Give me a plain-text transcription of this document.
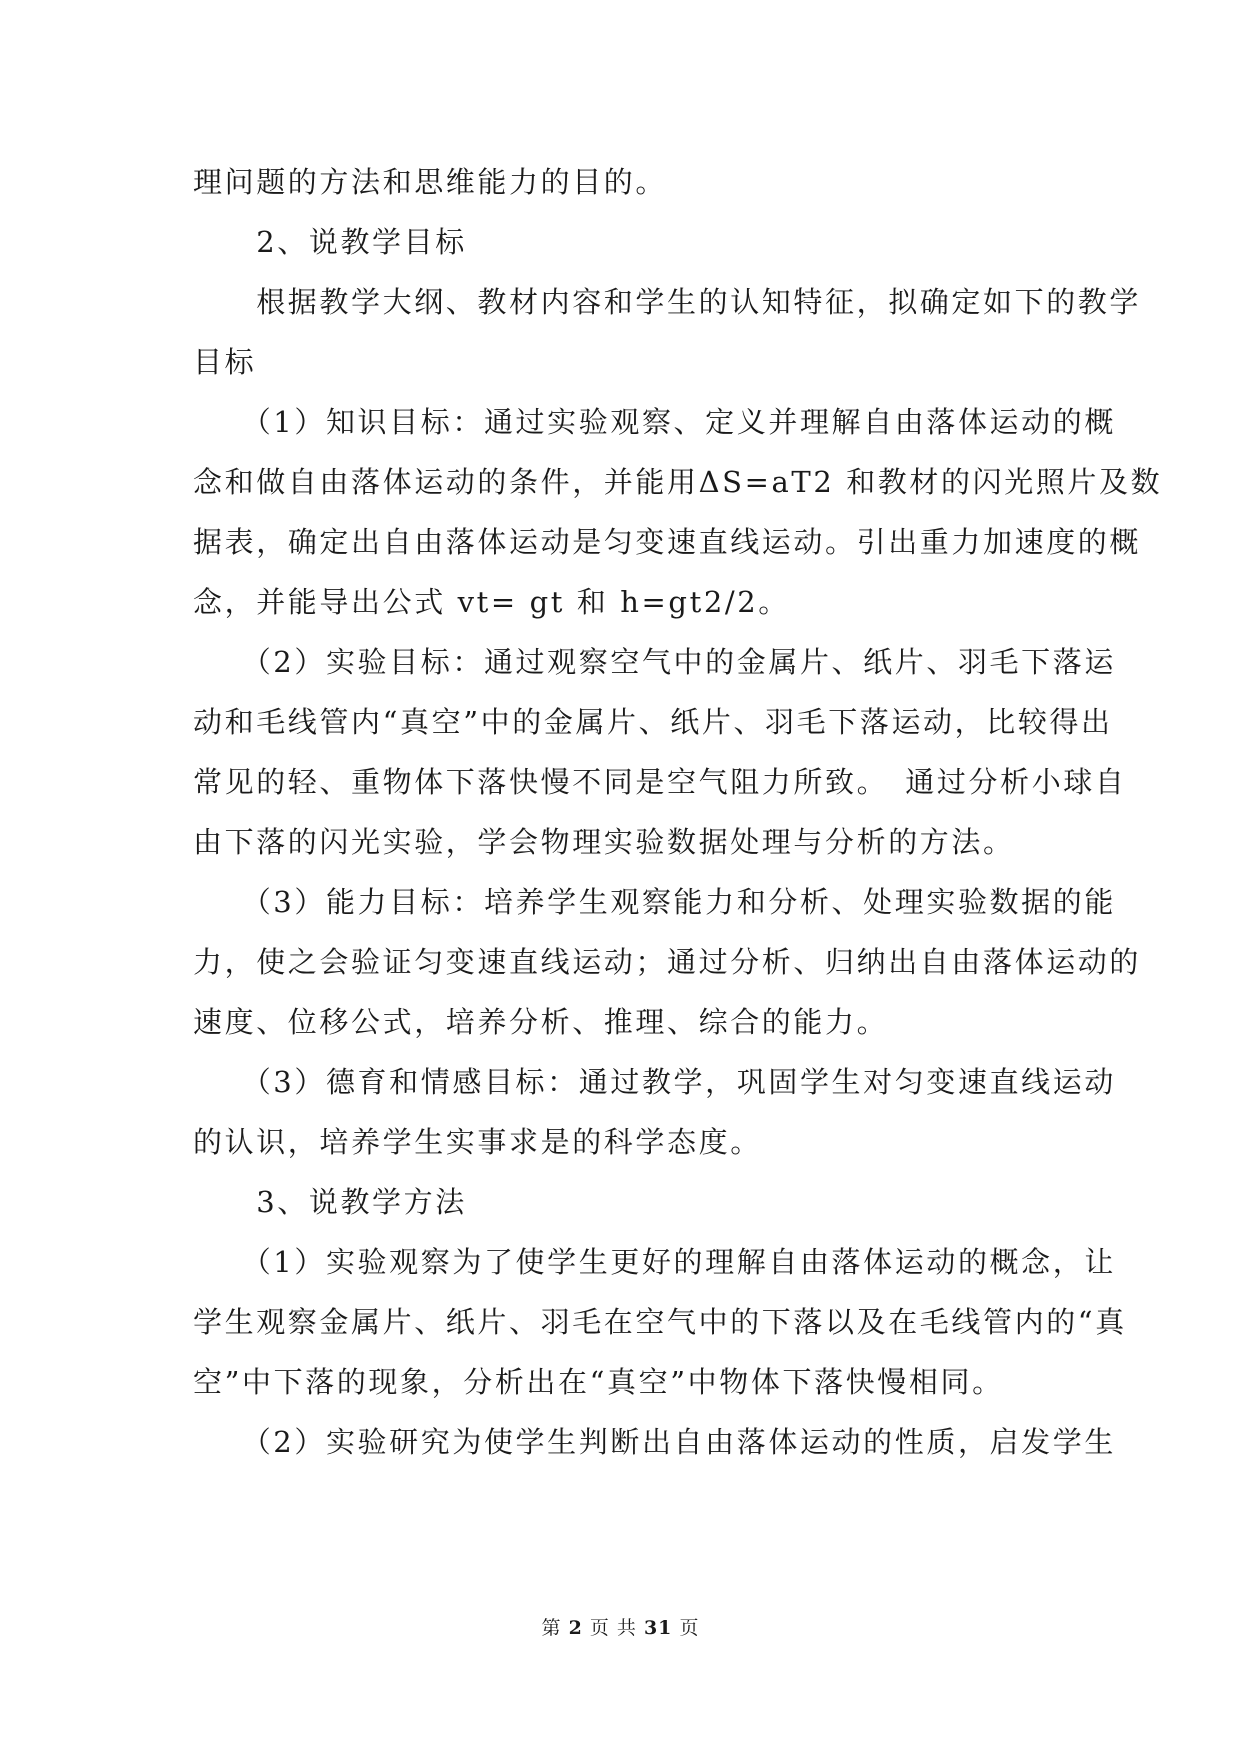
理问题的方法和思维能力的目的。
　　2、说教学目标
　　根据教学大纲、教材内容和学生的认知特征，拟确定如下的教学
目标
　　（1）知识目标：通过实验观察、定义并理解自由落体运动的概
念和做自由落体运动的条件，并能用ΔS=aT2 和教材的闪光照片及数
据表，确定出自由落体运动是匀变速直线运动。引出重力加速度的概
念，并能导出公式 vt= gt 和 h=gt2/2。
　　（2）实验目标：通过观察空气中的金属片、纸片、羽毛下落运
动和毛线管内“真空”中的金属片、纸片、羽毛下落运动，比较得出
常见的轻、重物体下落快慢不同是空气阻力所致。　通过分析小球自
由下落的闪光实验，学会物理实验数据处理与分析的方法。
　　（3）能力目标：培养学生观察能力和分析、处理实验数据的能
力，使之会验证匀变速直线运动；通过分析、归纳出自由落体运动的
速度、位移公式，培养分析、推理、综合的能力。
　　（3）德育和情感目标：通过教学，巩固学生对匀变速直线运动
的认识，培养学生实事求是的科学态度。
　　3、说教学方法
　　（1）实验观察为了使学生更好的理解自由落体运动的概念，让
学生观察金属片、纸片、羽毛在空气中的下落以及在毛线管内的“真
空”中下落的现象，分析出在“真空”中物体下落快慢相同。
　　（2）实验研究为使学生判断出自由落体运动的性质，启发学生
第 2 页 共 31 页
